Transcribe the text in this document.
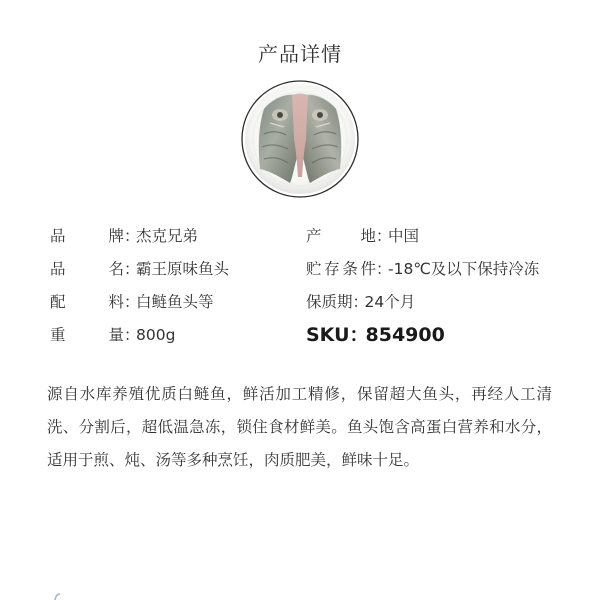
产品详情
品牌：杰克兄弟
品名：霸王原味鱼头
配料：白鲢鱼头等
重量：800g
产地：中国
贮存条件：-18℃及以下保持冷冻
保质期：24个月
SKU：854900
源自水库养殖优质白鲢鱼，鲜活加工精修，保留超大鱼头，再经人工清洗、分割后，超低温急冻，锁住食材鲜美。鱼头饱含高蛋白营养和水分，适用于煎、炖、汤等多种烹饪，肉质肥美，鲜味十足。
